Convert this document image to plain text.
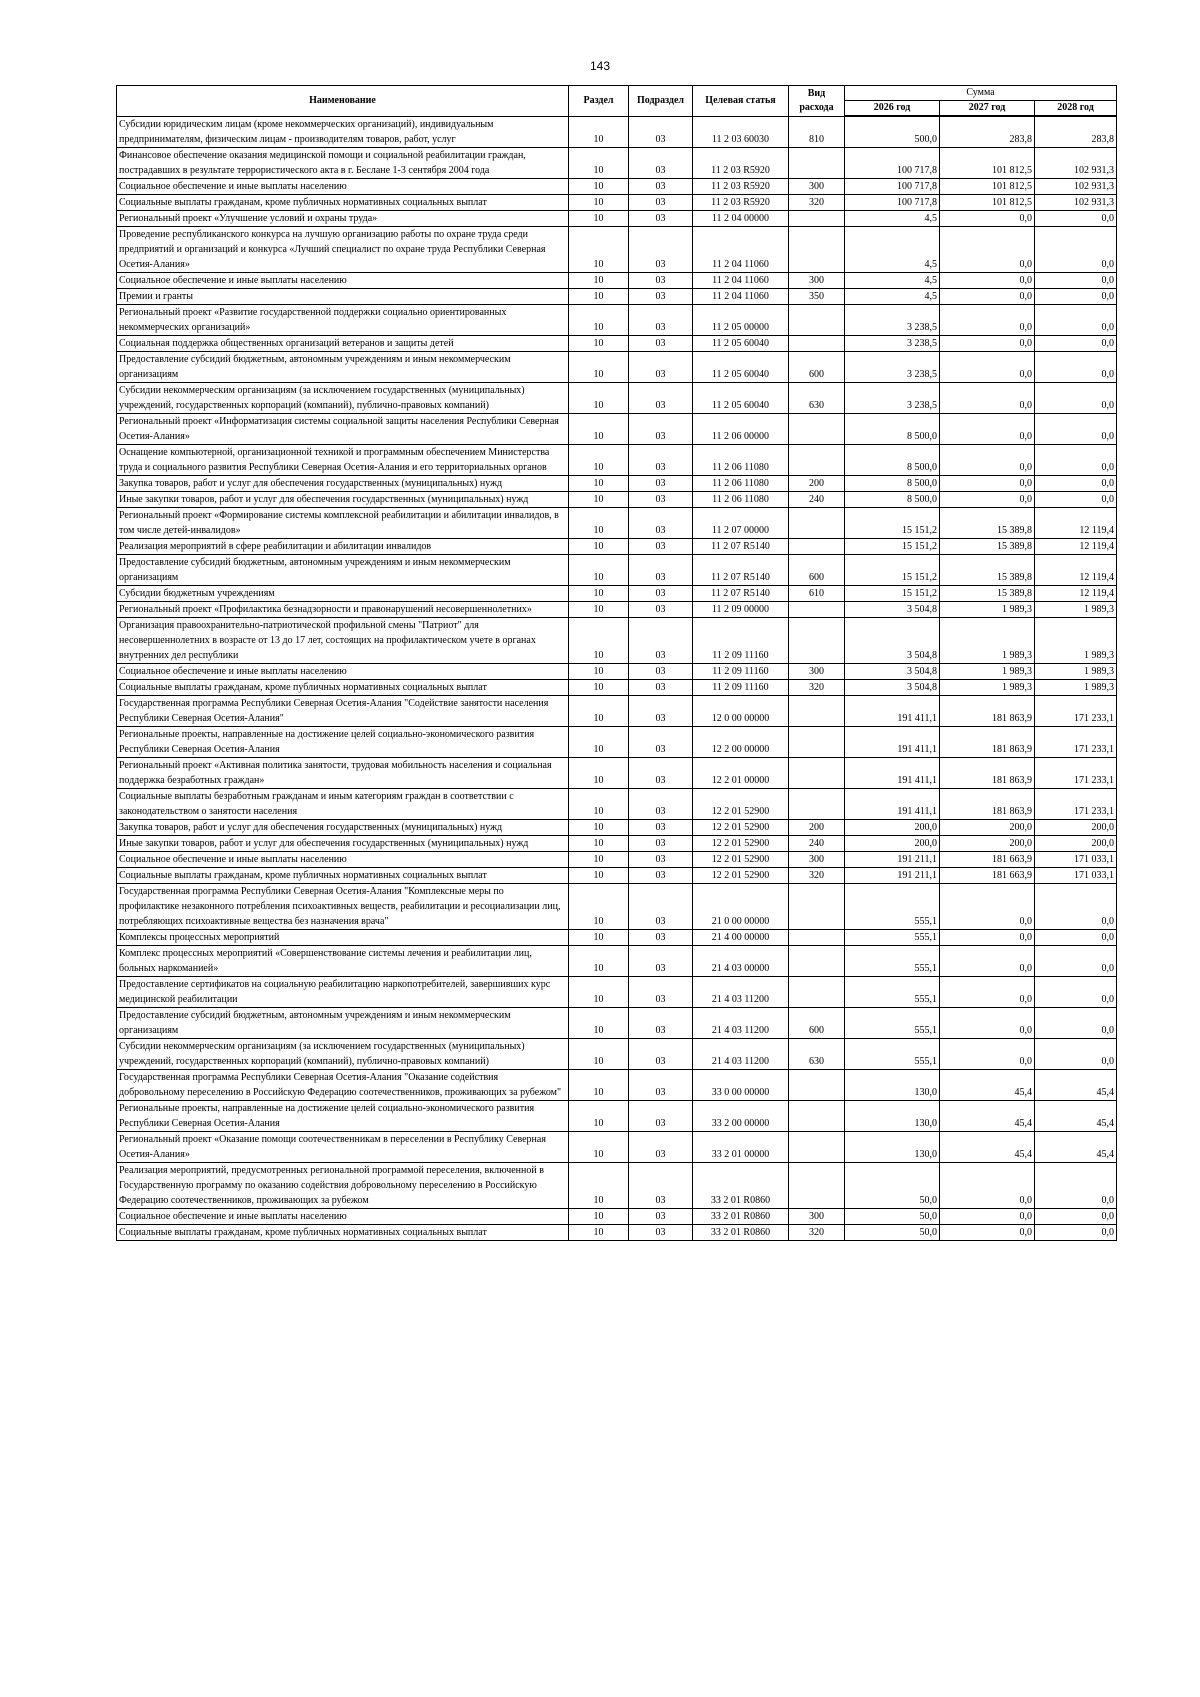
143
Наименование	Раздел	Подраздел	Целевая статья	Вид расхода	Сумма		
					2026 год	2027 год	2028 год
Субсидии юридическим лицам (кроме некоммерческих организаций), индивидуальным предпринимателям, физическим лицам - производителям товаров, работ, услуг	10	03	11 2 03 60030	810	500,0	283,8	283,8
Финансовое обеспечение оказания медицинской помощи и социальной реабилитации граждан, пострадавших в результате террористического акта в г. Беслане 1-3 сентября 2004 года	10	03	11 2 03 R5920		100 717,8	101 812,5	102 931,3
Социальное обеспечение и иные выплаты населению	10	03	11 2 03 R5920	300	100 717,8	101 812,5	102 931,3
Социальные выплаты гражданам, кроме публичных нормативных социальных выплат	10	03	11 2 03 R5920	320	100 717,8	101 812,5	102 931,3
Региональный проект «Улучшение условий и охраны труда»	10	03	11 2 04 00000		4,5	0,0	0,0
Проведение республиканского конкурса на лучшую организацию работы по охране труда среди предприятий и организаций и конкурса «Лучший специалист по охране труда Республики Северная Осетия-Алания»	10	03	11 2 04 11060		4,5	0,0	0,0
Социальное обеспечение и иные выплаты населению	10	03	11 2 04 11060	300	4,5	0,0	0,0
Премии и гранты	10	03	11 2 04 11060	350	4,5	0,0	0,0
Региональный проект «Развитие государственной поддержки социально ориентированных некоммерческих организаций»	10	03	11 2 05 00000		3 238,5	0,0	0,0
Социальная поддержка общественных организаций ветеранов и защиты детей	10	03	11 2 05 60040		3 238,5	0,0	0,0
Предоставление субсидий бюджетным, автономным учреждениям и иным некоммерческим организациям	10	03	11 2 05 60040	600	3 238,5	0,0	0,0
Субсидии некоммерческим организациям (за исключением государственных (муниципальных) учреждений, государственных корпораций (компаний), публично-правовых компаний)	10	03	11 2 05 60040	630	3 238,5	0,0	0,0
Региональный проект «Информатизация системы социальной защиты населения Республики Северная Осетия-Алания»	10	03	11 2 06 00000		8 500,0	0,0	0,0
Оснащение компьютерной, организационной техникой и программным обеспечением Министерства труда и социального развития Республики Северная Осетия-Алания и его территориальных органов	10	03	11 2 06 11080		8 500,0	0,0	0,0
Закупка товаров, работ и услуг для обеспечения государственных (муниципальных) нужд	10	03	11 2 06 11080	200	8 500,0	0,0	0,0
Иные закупки товаров, работ и услуг для обеспечения государственных (муниципальных) нужд	10	03	11 2 06 11080	240	8 500,0	0,0	0,0
Региональный проект «Формирование системы комплексной реабилитации и абилитации инвалидов, в том числе детей-инвалидов»	10	03	11 2 07 00000		15 151,2	15 389,8	12 119,4
Реализация мероприятий в сфере реабилитации и абилитации инвалидов	10	03	11 2 07 R5140		15 151,2	15 389,8	12 119,4
Предоставление субсидий бюджетным, автономным учреждениям и иным некоммерческим организациям	10	03	11 2 07 R5140	600	15 151,2	15 389,8	12 119,4
Субсидии бюджетным учреждениям	10	03	11 2 07 R5140	610	15 151,2	15 389,8	12 119,4
Региональный проект «Профилактика безнадзорности и правонарушений несовершеннолетних»	10	03	11 2 09 00000		3 504,8	1 989,3	1 989,3
Организация правоохранительно-патриотической профильной смены "Патриот" для несовершеннолетних в возрасте от 13 до 17 лет, состоящих на профилактическом учете в органах внутренних дел республики	10	03	11 2 09 11160		3 504,8	1 989,3	1 989,3
Социальное обеспечение и иные выплаты населению	10	03	11 2 09 11160	300	3 504,8	1 989,3	1 989,3
Социальные выплаты гражданам, кроме публичных нормативных социальных выплат	10	03	11 2 09 11160	320	3 504,8	1 989,3	1 989,3
Государственная программа Республики Северная Осетия-Алания "Содействие занятости населения Республики Северная Осетия-Алания"	10	03	12 0 00 00000		191 411,1	181 863,9	171 233,1
Региональные проекты, направленные на достижение целей социально-экономического развития Республики Северная Осетия-Алания	10	03	12 2 00 00000		191 411,1	181 863,9	171 233,1
Региональный проект «Активная политика занятости, трудовая мобильность населения и социальная поддержка безработных граждан»	10	03	12 2 01 00000		191 411,1	181 863,9	171 233,1
Социальные выплаты безработным гражданам и иным категориям граждан в соответствии с законодательством о занятости населения	10	03	12 2 01 52900		191 411,1	181 863,9	171 233,1
Закупка товаров, работ и услуг для обеспечения государственных (муниципальных) нужд	10	03	12 2 01 52900	200	200,0	200,0	200,0
Иные закупки товаров, работ и услуг для обеспечения государственных (муниципальных) нужд	10	03	12 2 01 52900	240	200,0	200,0	200,0
Социальное обеспечение и иные выплаты населению	10	03	12 2 01 52900	300	191 211,1	181 663,9	171 033,1
Социальные выплаты гражданам, кроме публичных нормативных социальных выплат	10	03	12 2 01 52900	320	191 211,1	181 663,9	171 033,1
Государственная программа Республики Северная Осетия-Алания "Комплексные меры по профилактике незаконного потребления психоактивных веществ, реабилитации и ресоциализации лиц, потребляющих психоактивные вещества без назначения врача"	10	03	21 0 00 00000		555,1	0,0	0,0
Комплексы процессных мероприятий	10	03	21 4 00 00000		555,1	0,0	0,0
Комплекс процессных мероприятий «Совершенствование системы лечения и реабилитации лиц, больных наркоманией»	10	03	21 4 03 00000		555,1	0,0	0,0
Предоставление сертификатов на социальную реабилитацию наркопотребителей, завершивших курс медицинской реабилитации	10	03	21 4 03 11200		555,1	0,0	0,0
Предоставление субсидий бюджетным, автономным учреждениям и иным некоммерческим организациям	10	03	21 4 03 11200	600	555,1	0,0	0,0
Субсидии некоммерческим организациям (за исключением государственных (муниципальных) учреждений, государственных корпораций (компаний), публично-правовых компаний)	10	03	21 4 03 11200	630	555,1	0,0	0,0
Государственная программа Республики Северная Осетия-Алания "Оказание содействия добровольному переселению в Российскую Федерацию соотечественников, проживающих за рубежом"	10	03	33 0 00 00000		130,0	45,4	45,4
Региональные проекты, направленные на достижение целей социально-экономического развития Республики Северная Осетия-Алания	10	03	33 2 00 00000		130,0	45,4	45,4
Региональный проект «Оказание помощи соотечественникам в переселении в Республику Северная Осетия-Алания»	10	03	33 2 01 00000		130,0	45,4	45,4
Реализация мероприятий, предусмотренных региональной программой переселения, включенной в Государственную программу по оказанию содействия добровольному переселению в Российскую Федерацию соотечественников, проживающих за рубежом	10	03	33 2 01 R0860		50,0	0,0	0,0
Социальное обеспечение и иные выплаты населению	10	03	33 2 01 R0860	300	50,0	0,0	0,0
Социальные выплаты гражданам, кроме публичных нормативных социальных выплат	10	03	33 2 01 R0860	320	50,0	0,0	0,0
